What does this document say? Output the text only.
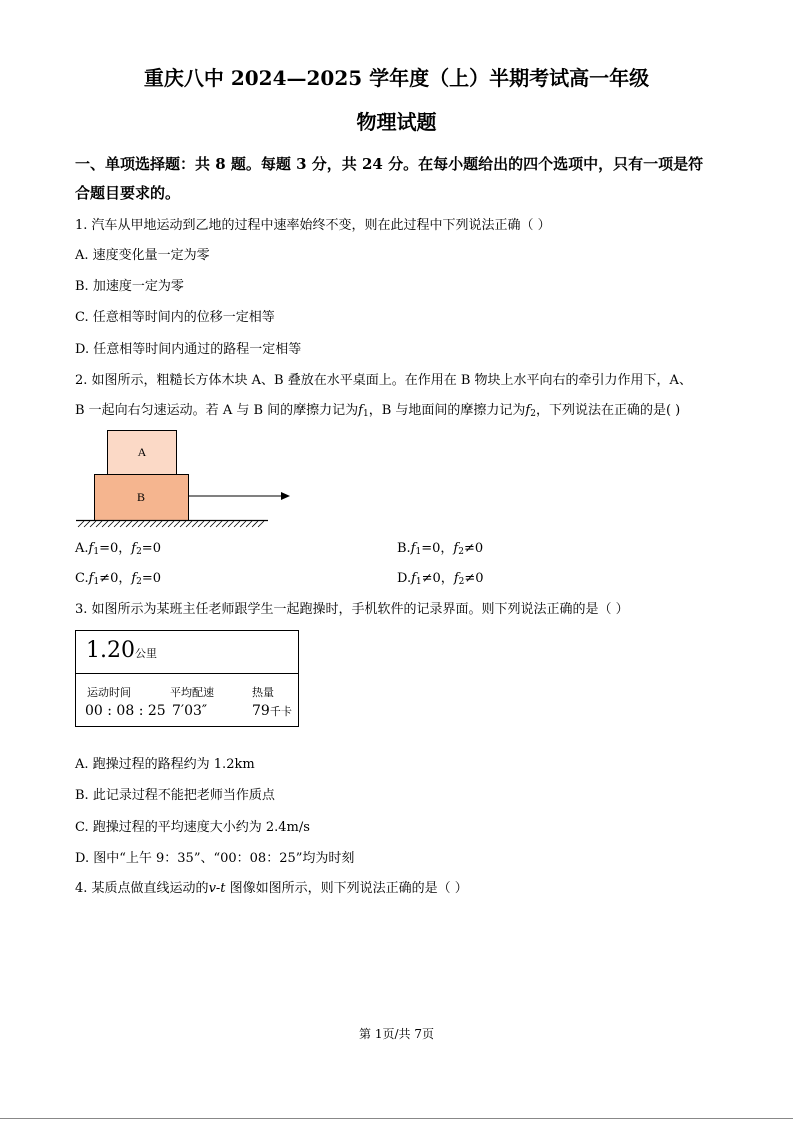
重庆八中 2024—2025 学年度（上）半期考试高一年级
物理试题
一、单项选择题：共 8 题。每题 3 分，共 24 分。在每小题给出的四个选项中，只有一项是符
合题目要求的。
1. 汽车从甲地运动到乙地的过程中速率始终不变，则在此过程中下列说法正确（ ）
A. 速度变化量一定为零
B. 加速度一定为零
C. 任意相等时间内的位移一定相等
D. 任意相等时间内通过的路程一定相等
2. 如图所示，粗糙长方体木块 A、B 叠放在水平桌面上。在作用在 B 物块上水平向右的牵引力作用下，A、
B 一起向右匀速运动。若 A 与 B 间的摩擦力记为$f_1$，B 与地面间的摩擦力记为$f_2$，下列说法在正确的是( )
A
B
$A.f_1=0$，$f_2=0$	$B.f_1=0$，$f_2\ne 0$
$C.f_1\ne 0$，$f_2=0$	$D.f_1\ne 0$，$f_2\ne 0$
3. 如图所示为某班主任老师跟学生一起跑操时，手机软件的记录界面。则下列说法正确的是（ ）
1.20公里
运动时间	平均配速	热量
00 : 08 : 25 7′03″	79千卡
A. 跑操过程的路程约为 1.2km
B. 此记录过程不能把老师当作质点
C. 跑操过程的平均速度大小约为 2.4m/s
D. 图中“上午 9：35”、“00：08：25”均为时刻
4. 某质点做直线运动的v-t 图像如图所示，则下列说法正确的是（ ）
第 1页/共 7页
